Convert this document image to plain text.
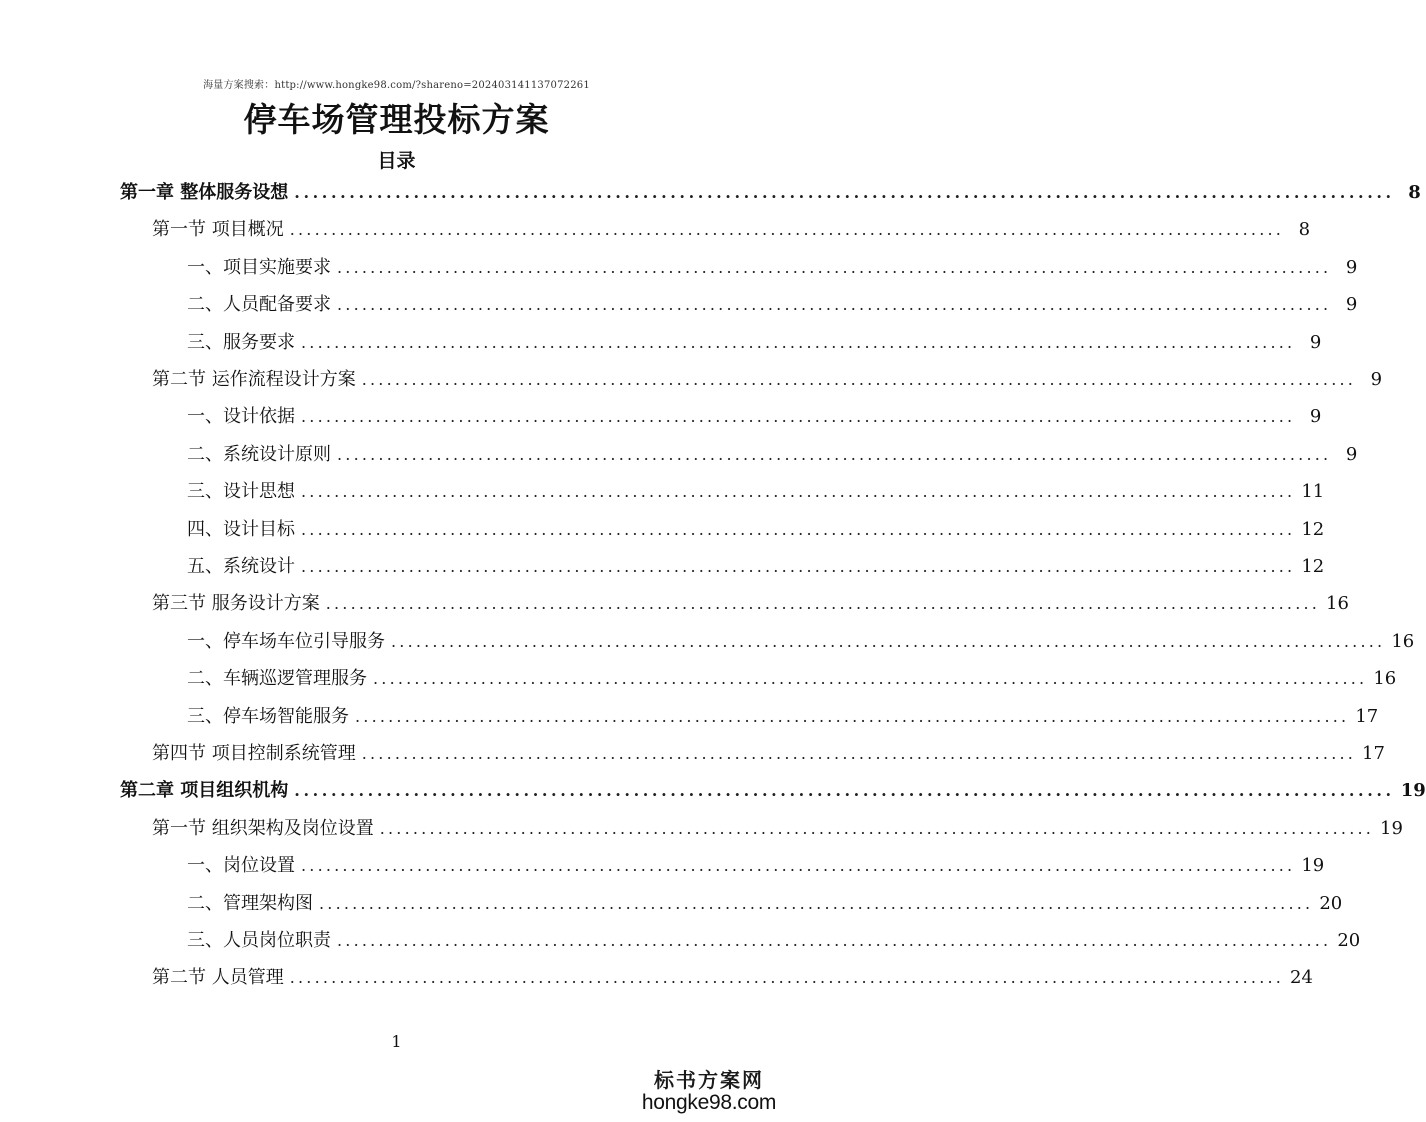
海量方案搜索：http://www.hongke98.com/?shareno=202403141137072261
停车场管理投标方案
目录
第一章 整体服务设想 ........................................................................................................................ 8
第一节 项目概况 ........................................................................................................................ 8
一、项目实施要求 ........................................................................................................................ 9
二、人员配备要求 ........................................................................................................................ 9
三、服务要求 ........................................................................................................................ 9
第二节 运作流程设计方案 ........................................................................................................................ 9
一、设计依据 ........................................................................................................................ 9
二、系统设计原则 ........................................................................................................................ 9
三、设计思想 ........................................................................................................................ 11
四、设计目标 ........................................................................................................................ 12
五、系统设计 ........................................................................................................................ 12
第三节 服务设计方案 ........................................................................................................................ 16
一、停车场车位引导服务 ........................................................................................................................ 16
二、车辆巡逻管理服务 ........................................................................................................................ 16
三、停车场智能服务 ........................................................................................................................ 17
第四节 项目控制系统管理 ........................................................................................................................ 17
第二章 项目组织机构 ........................................................................................................................ 19
第一节 组织架构及岗位设置 ........................................................................................................................ 19
一、岗位设置 ........................................................................................................................ 19
二、管理架构图 ........................................................................................................................ 20
三、人员岗位职责 ........................................................................................................................ 20
第二节 人员管理 ........................................................................................................................ 24
1
标书方案网
hongke98.com
